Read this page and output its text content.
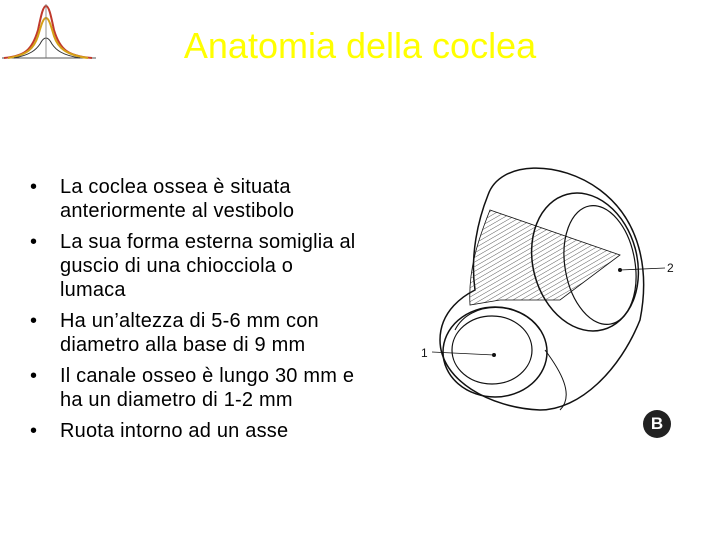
Anatomia della coclea
• La coclea ossea è situata anteriormente al vestibolo
• La sua forma esterna somiglia al guscio di una chiocciola o lumaca
• Ha un’altezza di 5-6 mm con diametro alla base di 9 mm
• Il canale osseo è lungo 30 mm e ha un diametro di 1-2 mm
• Ruota intorno ad un asse
1
2
B
